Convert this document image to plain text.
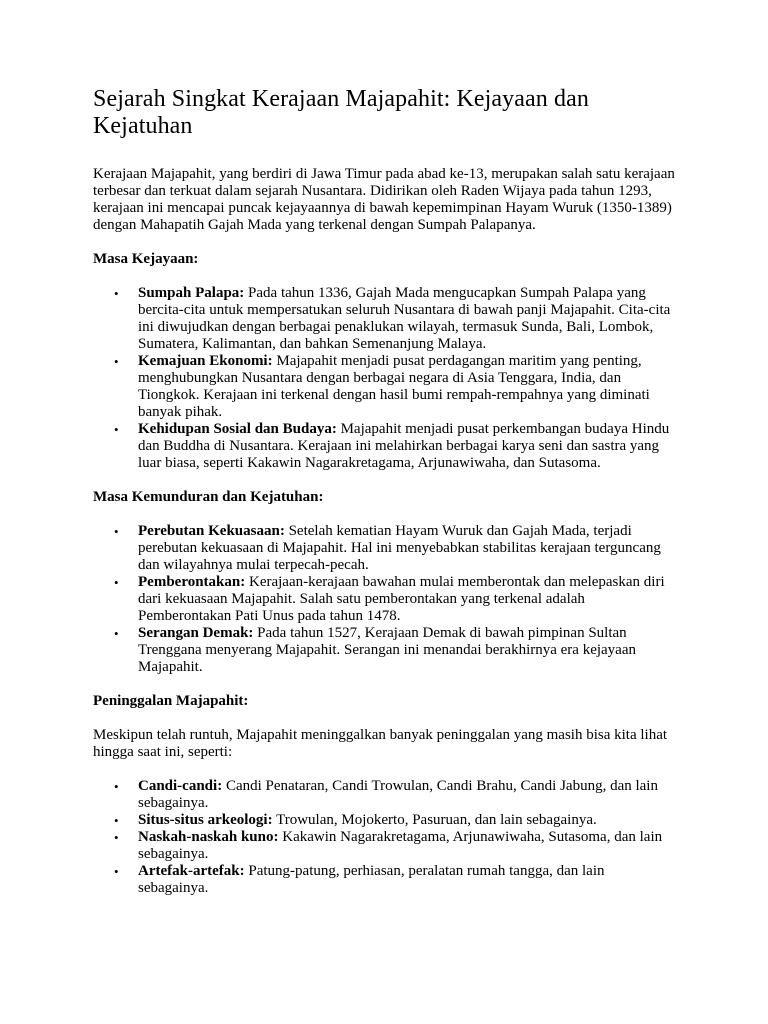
Sejarah Singkat Kerajaan Majapahit: Kejayaan dan Kejatuhan

Kerajaan Majapahit, yang berdiri di Jawa Timur pada abad ke-13, merupakan salah satu kerajaan terbesar dan terkuat dalam sejarah Nusantara. Didirikan oleh Raden Wijaya pada tahun 1293, kerajaan ini mencapai puncak kejayaannya di bawah kepemimpinan Hayam Wuruk (1350-1389) dengan Mahapatih Gajah Mada yang terkenal dengan Sumpah Palapanya.

Masa Kejayaan:

• Sumpah Palapa: Pada tahun 1336, Gajah Mada mengucapkan Sumpah Palapa yang bercita-cita untuk mempersatukan seluruh Nusantara di bawah panji Majapahit. Cita-cita ini diwujudkan dengan berbagai penaklukan wilayah, termasuk Sunda, Bali, Lombok, Sumatera, Kalimantan, dan bahkan Semenanjung Malaya.
• Kemajuan Ekonomi: Majapahit menjadi pusat perdagangan maritim yang penting, menghubungkan Nusantara dengan berbagai negara di Asia Tenggara, India, dan Tiongkok. Kerajaan ini terkenal dengan hasil bumi rempah-rempahnya yang diminati banyak pihak.
• Kehidupan Sosial dan Budaya: Majapahit menjadi pusat perkembangan budaya Hindu dan Buddha di Nusantara. Kerajaan ini melahirkan berbagai karya seni dan sastra yang luar biasa, seperti Kakawin Nagarakretagama, Arjunawiwaha, dan Sutasoma.

Masa Kemunduran dan Kejatuhan:

• Perebutan Kekuasaan: Setelah kematian Hayam Wuruk dan Gajah Mada, terjadi perebutan kekuasaan di Majapahit. Hal ini menyebabkan stabilitas kerajaan terguncang dan wilayahnya mulai terpecah-pecah.
• Pemberontakan: Kerajaan-kerajaan bawahan mulai memberontak dan melepaskan diri dari kekuasaan Majapahit. Salah satu pemberontakan yang terkenal adalah Pemberontakan Pati Unus pada tahun 1478.
• Serangan Demak: Pada tahun 1527, Kerajaan Demak di bawah pimpinan Sultan Trenggana menyerang Majapahit. Serangan ini menandai berakhirnya era kejayaan Majapahit.

Peninggalan Majapahit:

Meskipun telah runtuh, Majapahit meninggalkan banyak peninggalan yang masih bisa kita lihat hingga saat ini, seperti:

• Candi-candi: Candi Penataran, Candi Trowulan, Candi Brahu, Candi Jabung, dan lain sebagainya.
• Situs-situs arkeologi: Trowulan, Mojokerto, Pasuruan, dan lain sebagainya.
• Naskah-naskah kuno: Kakawin Nagarakretagama, Arjunawiwaha, Sutasoma, dan lain sebagainya.
• Artefak-artefak: Patung-patung, perhiasan, peralatan rumah tangga, dan lain sebagainya.
